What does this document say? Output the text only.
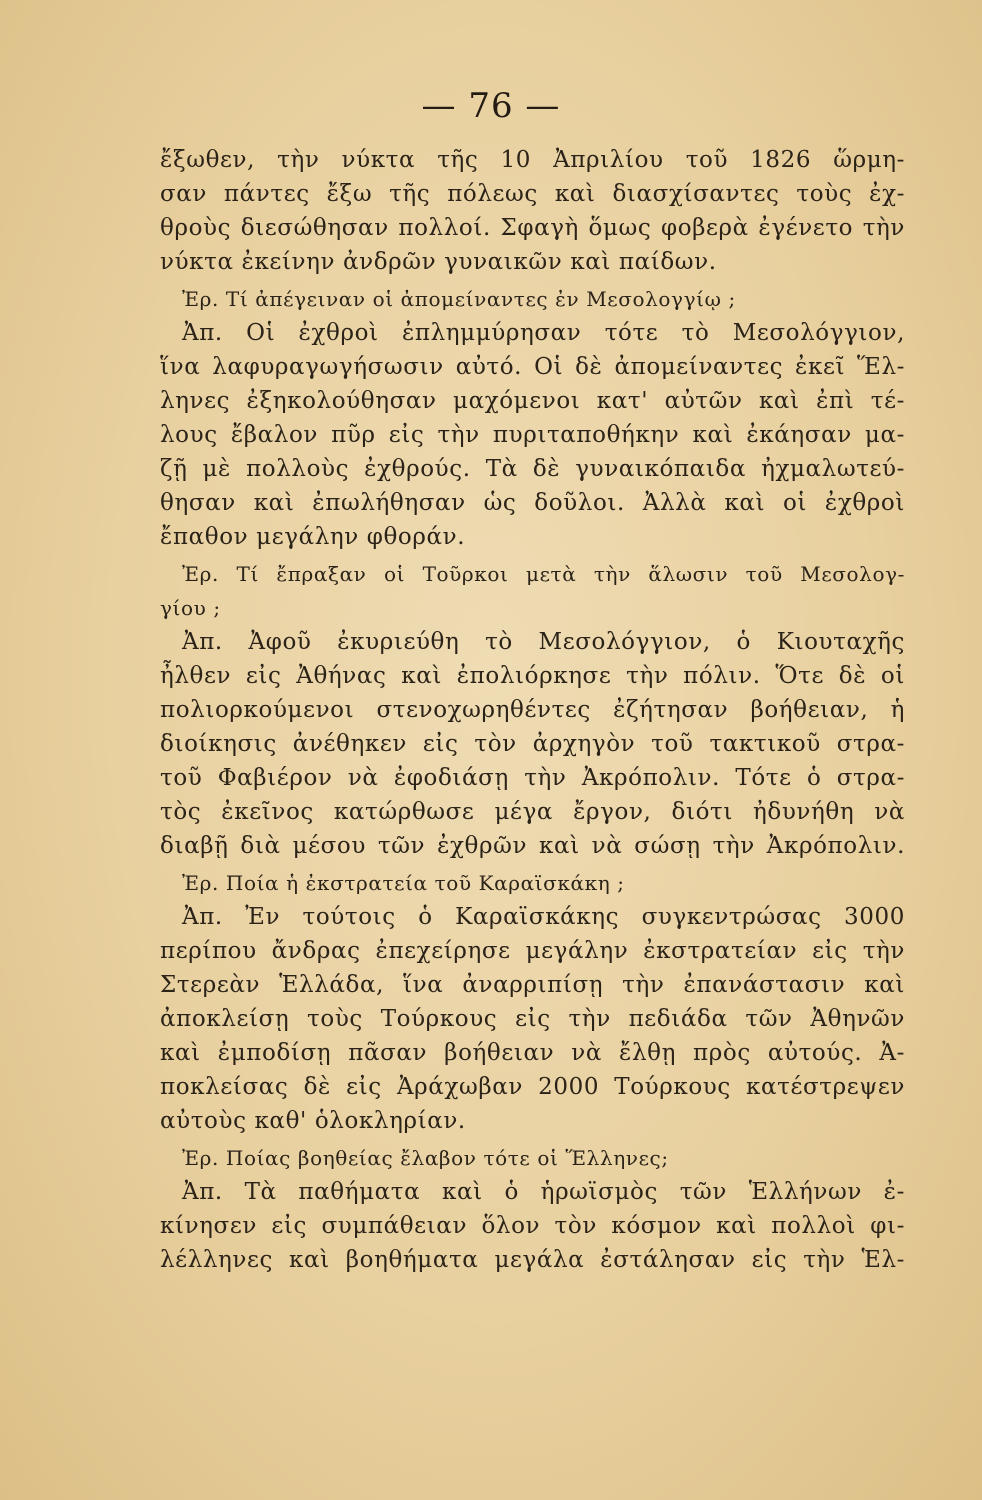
— 76 —
ἔξωθεν, τὴν νύκτα τῆς 10 Ἀπριλίου τοῦ 1826 ὥρμη-
σαν πάντες ἔξω τῆς πόλεως καὶ διασχίσαντες τοὺς ἐχ-
θροὺς διεσώθησαν πολλοί. Σφαγὴ ὅμως φοβερὰ ἐγένετο τὴν
νύκτα ἐκείνην ἀνδρῶν γυναικῶν καὶ παίδων.
Ἐρ. Τί ἀπέγειναν οἱ ἀπομείναντες ἐν Μεσολογγίῳ ;
Ἀπ. Οἱ ἐχθροὶ ἐπλημμύρησαν τότε τὸ Μεσολόγγιον,
ἵνα λαφυραγωγήσωσιν αὐτό. Οἱ δὲ ἀπομείναντες ἐκεῖ Ἕλ-
ληνες ἐξηκολούθησαν μαχόμενοι κατ' αὐτῶν καὶ ἐπὶ τέ-
λους ἔβαλον πῦρ εἰς τὴν πυριταποθήκην καὶ ἐκάησαν μα-
ζῇ μὲ πολλοὺς ἐχθρούς. Τὰ δὲ γυναικόπαιδα ἠχμαλωτεύ-
θησαν καὶ ἐπωλήθησαν ὡς δοῦλοι. Ἀλλὰ καὶ οἱ ἐχθροὶ
ἔπαθον μεγάλην φθοράν.
Ἐρ. Τί ἔπραξαν οἱ Τοῦρκοι μετὰ τὴν ἅλωσιν τοῦ Μεσολογ-
γίου ;
Ἀπ. Ἀφοῦ ἐκυριεύθη τὸ Μεσολόγγιον, ὁ Κιουταχῆς
ἦλθεν εἰς Ἀθήνας καὶ ἐπολιόρκησε τὴν πόλιν. Ὅτε δὲ οἱ
πολιορκούμενοι στενοχωρηθέντες ἐζήτησαν βοήθειαν, ἡ
διοίκησις ἀνέθηκεν εἰς τὸν ἀρχηγὸν τοῦ τακτικοῦ στρα-
τοῦ Φαβιέρον νὰ ἐφοδιάσῃ τὴν Ἀκρόπολιν. Τότε ὁ στρα-
τὸς ἐκεῖνος κατώρθωσε μέγα ἔργον, διότι ἠδυνήθη νὰ
διαβῇ διὰ μέσου τῶν ἐχθρῶν καὶ νὰ σώσῃ τὴν Ἀκρόπολιν.
Ἐρ. Ποία ἡ ἐκστρατεία τοῦ Καραϊσκάκη ;
Ἀπ. Ἐν τούτοις ὁ Καραϊσκάκης συγκεντρώσας 3000
περίπου ἄνδρας ἐπεχείρησε μεγάλην ἐκστρατείαν εἰς τὴν
Στερεὰν Ἑλλάδα, ἵνα ἀναρριπίσῃ τὴν ἐπανάστασιν καὶ
ἀποκλείσῃ τοὺς Τούρκους εἰς τὴν πεδιάδα τῶν Ἀθηνῶν
καὶ ἐμποδίσῃ πᾶσαν βοήθειαν νὰ ἔλθῃ πρὸς αὐτούς. Ἀ-
ποκλείσας δὲ εἰς Ἀράχωβαν 2000 Τούρκους κατέστρεψεν
αὐτοὺς καθ' ὁλοκληρίαν.
Ἐρ. Ποίας βοηθείας ἔλαβον τότε οἱ Ἕλληνες;
Ἀπ. Τὰ παθήματα καὶ ὁ ἡρωϊσμὸς τῶν Ἑλλήνων ἐ-
κίνησεν εἰς συμπάθειαν ὅλον τὸν κόσμον καὶ πολλοὶ φι-
λέλληνες καὶ βοηθήματα μεγάλα ἐστάλησαν εἰς τὴν Ἑλ-
